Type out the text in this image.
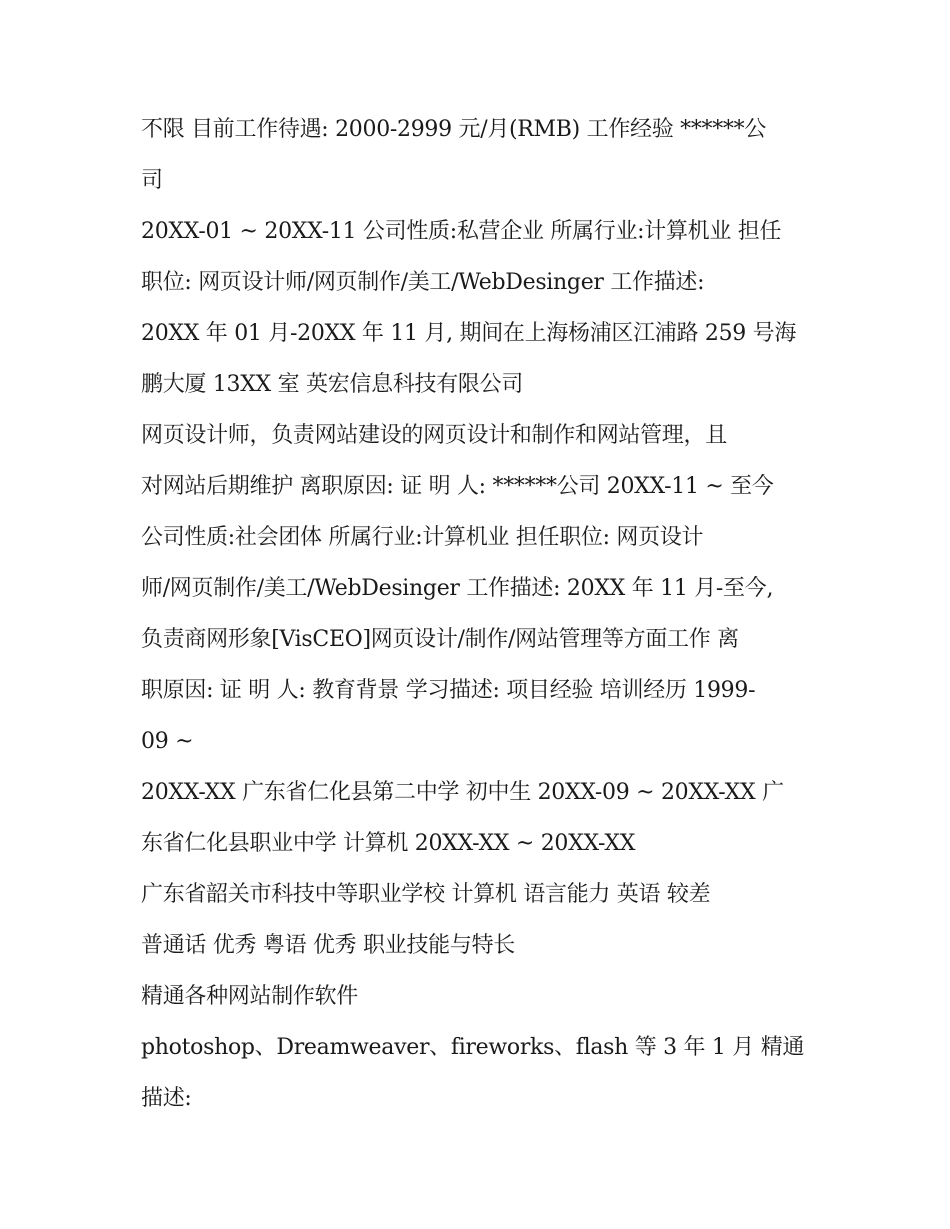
不限 目前工作待遇: 2000-2999 元/月(RMB) 工作经验 ******公
司
20XX-01 ~ 20XX-11 公司性质:私营企业 所属行业:计算机业 担任
职位: 网页设计师/网页制作/美工/WebDesinger 工作描述:
20XX 年 01 月-20XX 年 11 月, 期间在上海杨浦区江浦路 259 号海
鹏大厦 13XX 室 英宏信息科技有限公司
网页设计师，负责网站建设的网页设计和制作和网站管理，且
对网站后期维护 离职原因: 证 明 人: ******公司 20XX-11 ~ 至今
公司性质:社会团体 所属行业:计算机业 担任职位: 网页设计
师/网页制作/美工/WebDesinger 工作描述: 20XX 年 11 月-至今,
负责商网形象[VisCEO]网页设计/制作/网站管理等方面工作 离
职原因: 证 明 人: 教育背景 学习描述: 项目经验 培训经历 1999-
09 ~
20XX-XX 广东省仁化县第二中学 初中生 20XX-09 ~ 20XX-XX 广
东省仁化县职业中学 计算机 20XX-XX ~ 20XX-XX
广东省韶关市科技中等职业学校 计算机 语言能力 英语 较差
普通话 优秀 粤语 优秀 职业技能与特长
精通各种网站制作软件
photoshop、Dreamweaver、fireworks、flash 等 3 年 1 月 精通
描述:
